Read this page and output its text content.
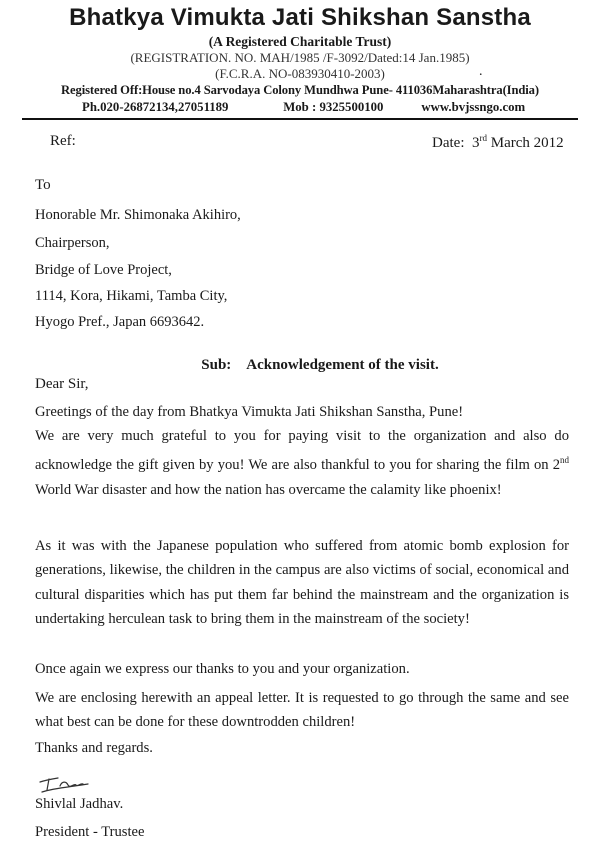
Bhatkya Vimukta Jati Shikshan Sanstha
(A Registered Charitable Trust)
(REGISTRATION. NO. MAH/1985 /F-3092/Dated:14 Jan.1985)
(F.C.R.A. NO-083930410-2003)	.
Registered Off:House no.4 Sarvodaya Colony Mundhwa Pune- 411036Maharashtra(India)
Ph.020-26872134,27051189	Mob : 9325500100	www.bvjssngo.com
Ref:	Date: 3rd March 2012
To
Honorable Mr. Shimonaka Akihiro,
Chairperson,
Bridge of Love Project,
1114, Kora, Hikami, Tamba City,
Hyogo Pref., Japan 6693642.
Sub: Acknowledgement of the visit.
Dear Sir,
Greetings of the day from Bhatkya Vimukta Jati Shikshan Sanstha, Pune!
We are very much grateful to you for paying visit to the organization and also do acknowledge the gift given by you! We are also thankful to you for sharing the film on 2nd World War disaster and how the nation has overcame the calamity like phoenix!
As it was with the Japanese population who suffered from atomic bomb explosion for generations, likewise, the children in the campus are also victims of social, economical and cultural disparities which has put them far behind the mainstream and the organization is undertaking herculean task to bring them in the mainstream of the society!
Once again we express our thanks to you and your organization.
We are enclosing herewith an appeal letter. It is requested to go through the same and see what best can be done for these downtrodden children!
Thanks and regards.
Shivlal Jadhav.
President - Trustee
